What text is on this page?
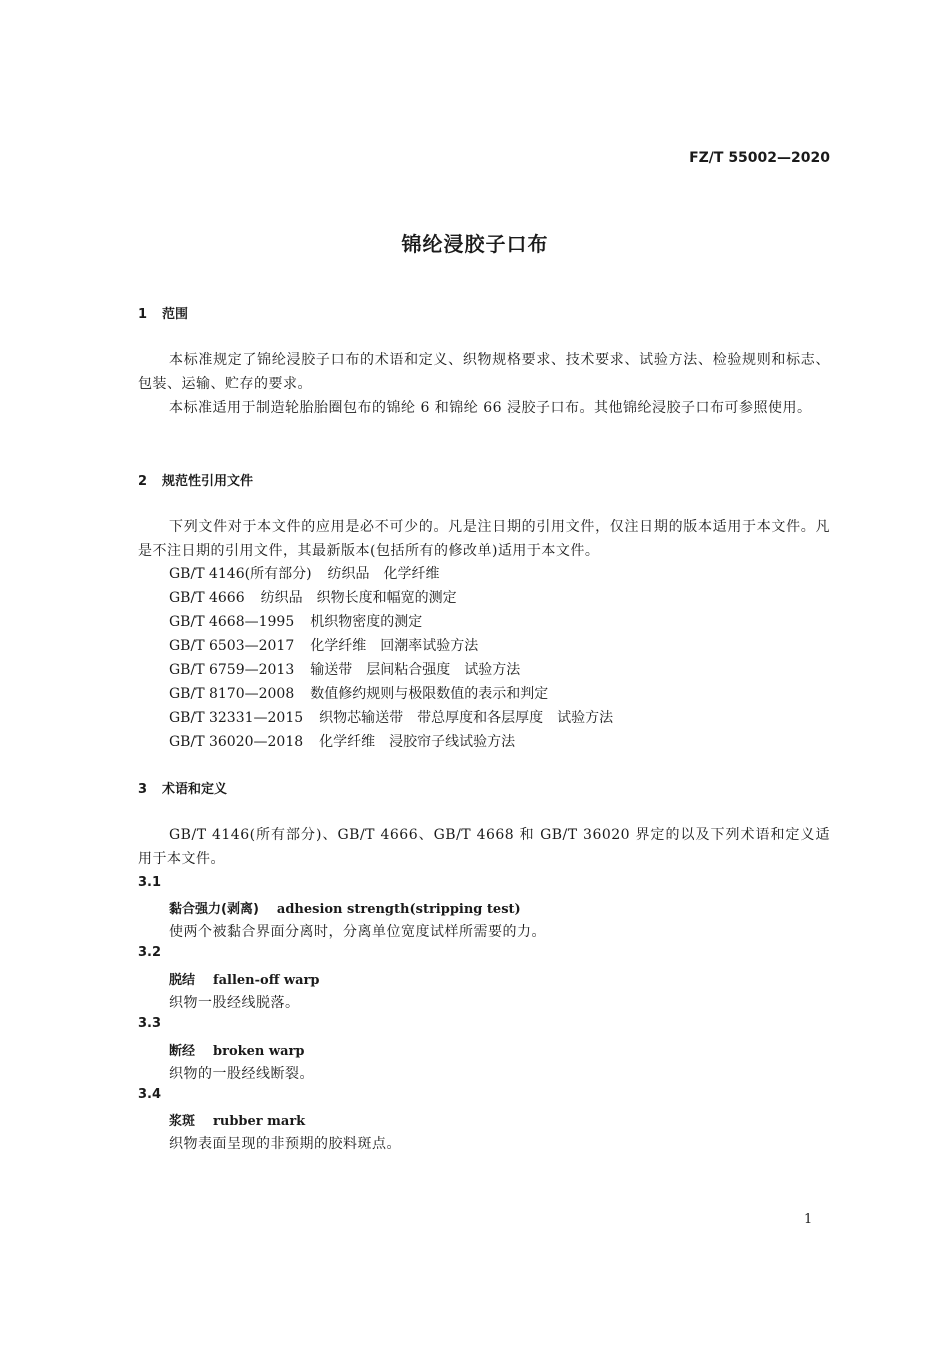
FZ/T 55002—2020
锦纶浸胶子口布
1 范围
本标准规定了锦纶浸胶子口布的术语和定义、织物规格要求、技术要求、试验方法、检验规则和标志、包装、运输、贮存的要求。
本标准适用于制造轮胎胎圈包布的锦纶 6 和锦纶 66 浸胶子口布。其他锦纶浸胶子口布可参照使用。
2 规范性引用文件
下列文件对于本文件的应用是必不可少的。凡是注日期的引用文件，仅注日期的版本适用于本文件。凡是不注日期的引用文件，其最新版本(包括所有的修改单)适用于本文件。
GB/T 4146(所有部分) 纺织品　化学纤维
GB/T 4666 纺织品　织物长度和幅宽的测定
GB/T 4668—1995 机织物密度的测定
GB/T 6503—2017 化学纤维　回潮率试验方法
GB/T 6759—2013 输送带　层间粘合强度　试验方法
GB/T 8170—2008 数值修约规则与极限数值的表示和判定
GB/T 32331—2015 织物芯输送带　带总厚度和各层厚度　试验方法
GB/T 36020—2018 化学纤维　浸胶帘子线试验方法
3 术语和定义
GB/T 4146(所有部分)、GB/T 4666、GB/T 4668 和 GB/T 36020 界定的以及下列术语和定义适用于本文件。
3.1
黏合强力(剥离) adhesion strength(stripping test)
使两个被黏合界面分离时，分离单位宽度试样所需要的力。
3.2
脱结 fallen-off warp
织物一股经线脱落。
3.3
断经 broken warp
织物的一股经线断裂。
3.4
浆斑 rubber mark
织物表面呈现的非预期的胶料斑点。
1
